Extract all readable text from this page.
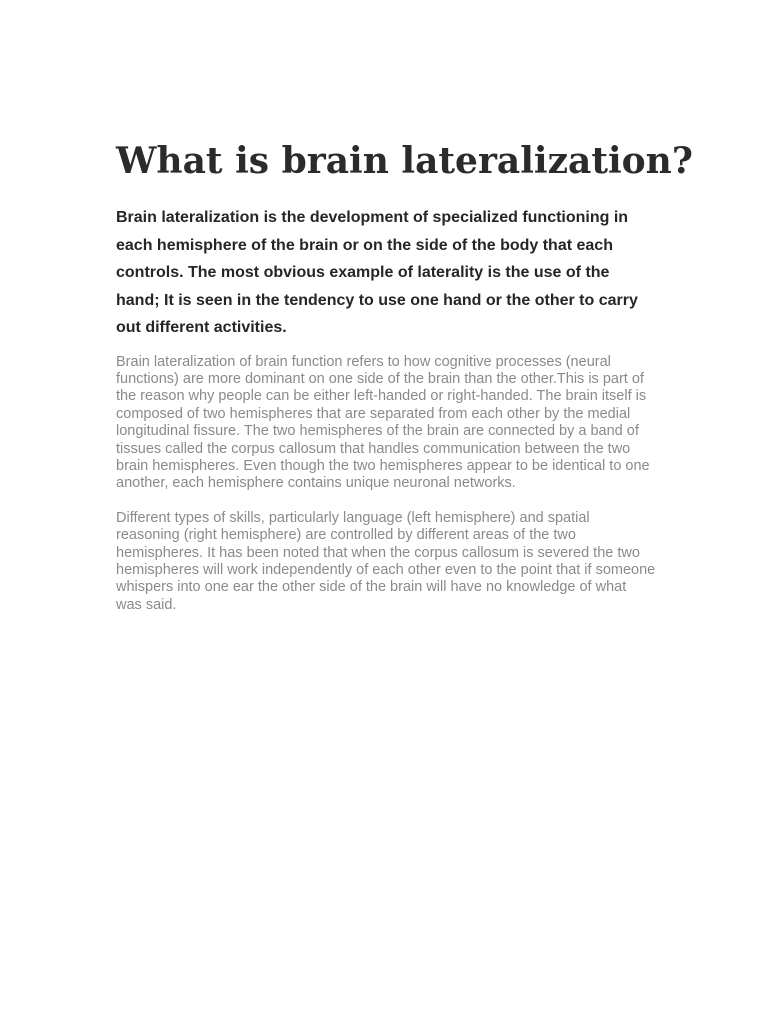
What is brain lateralization?

Brain lateralization is the development of specialized functioning in each hemisphere of the brain or on the side of the body that each controls. The most obvious example of laterality is the use of the hand; It is seen in the tendency to use one hand or the other to carry out different activities.

Brain lateralization of brain function refers to how cognitive processes (neural functions) are more dominant on one side of the brain than the other.This is part of the reason why people can be either left-handed or right-handed. The brain itself is composed of two hemispheres that are separated from each other by the medial longitudinal fissure. The two hemispheres of the brain are connected by a band of tissues called the corpus callosum that handles communication between the two brain hemispheres. Even though the two hemispheres appear to be identical to one another, each hemisphere contains unique neuronal networks.

Different types of skills, particularly language (left hemisphere) and spatial reasoning (right hemisphere) are controlled by different areas of the two hemispheres. It has been noted that when the corpus callosum is severed the two hemispheres will work independently of each other even to the point that if someone whispers into one ear the other side of the brain will have no knowledge of what was said.
